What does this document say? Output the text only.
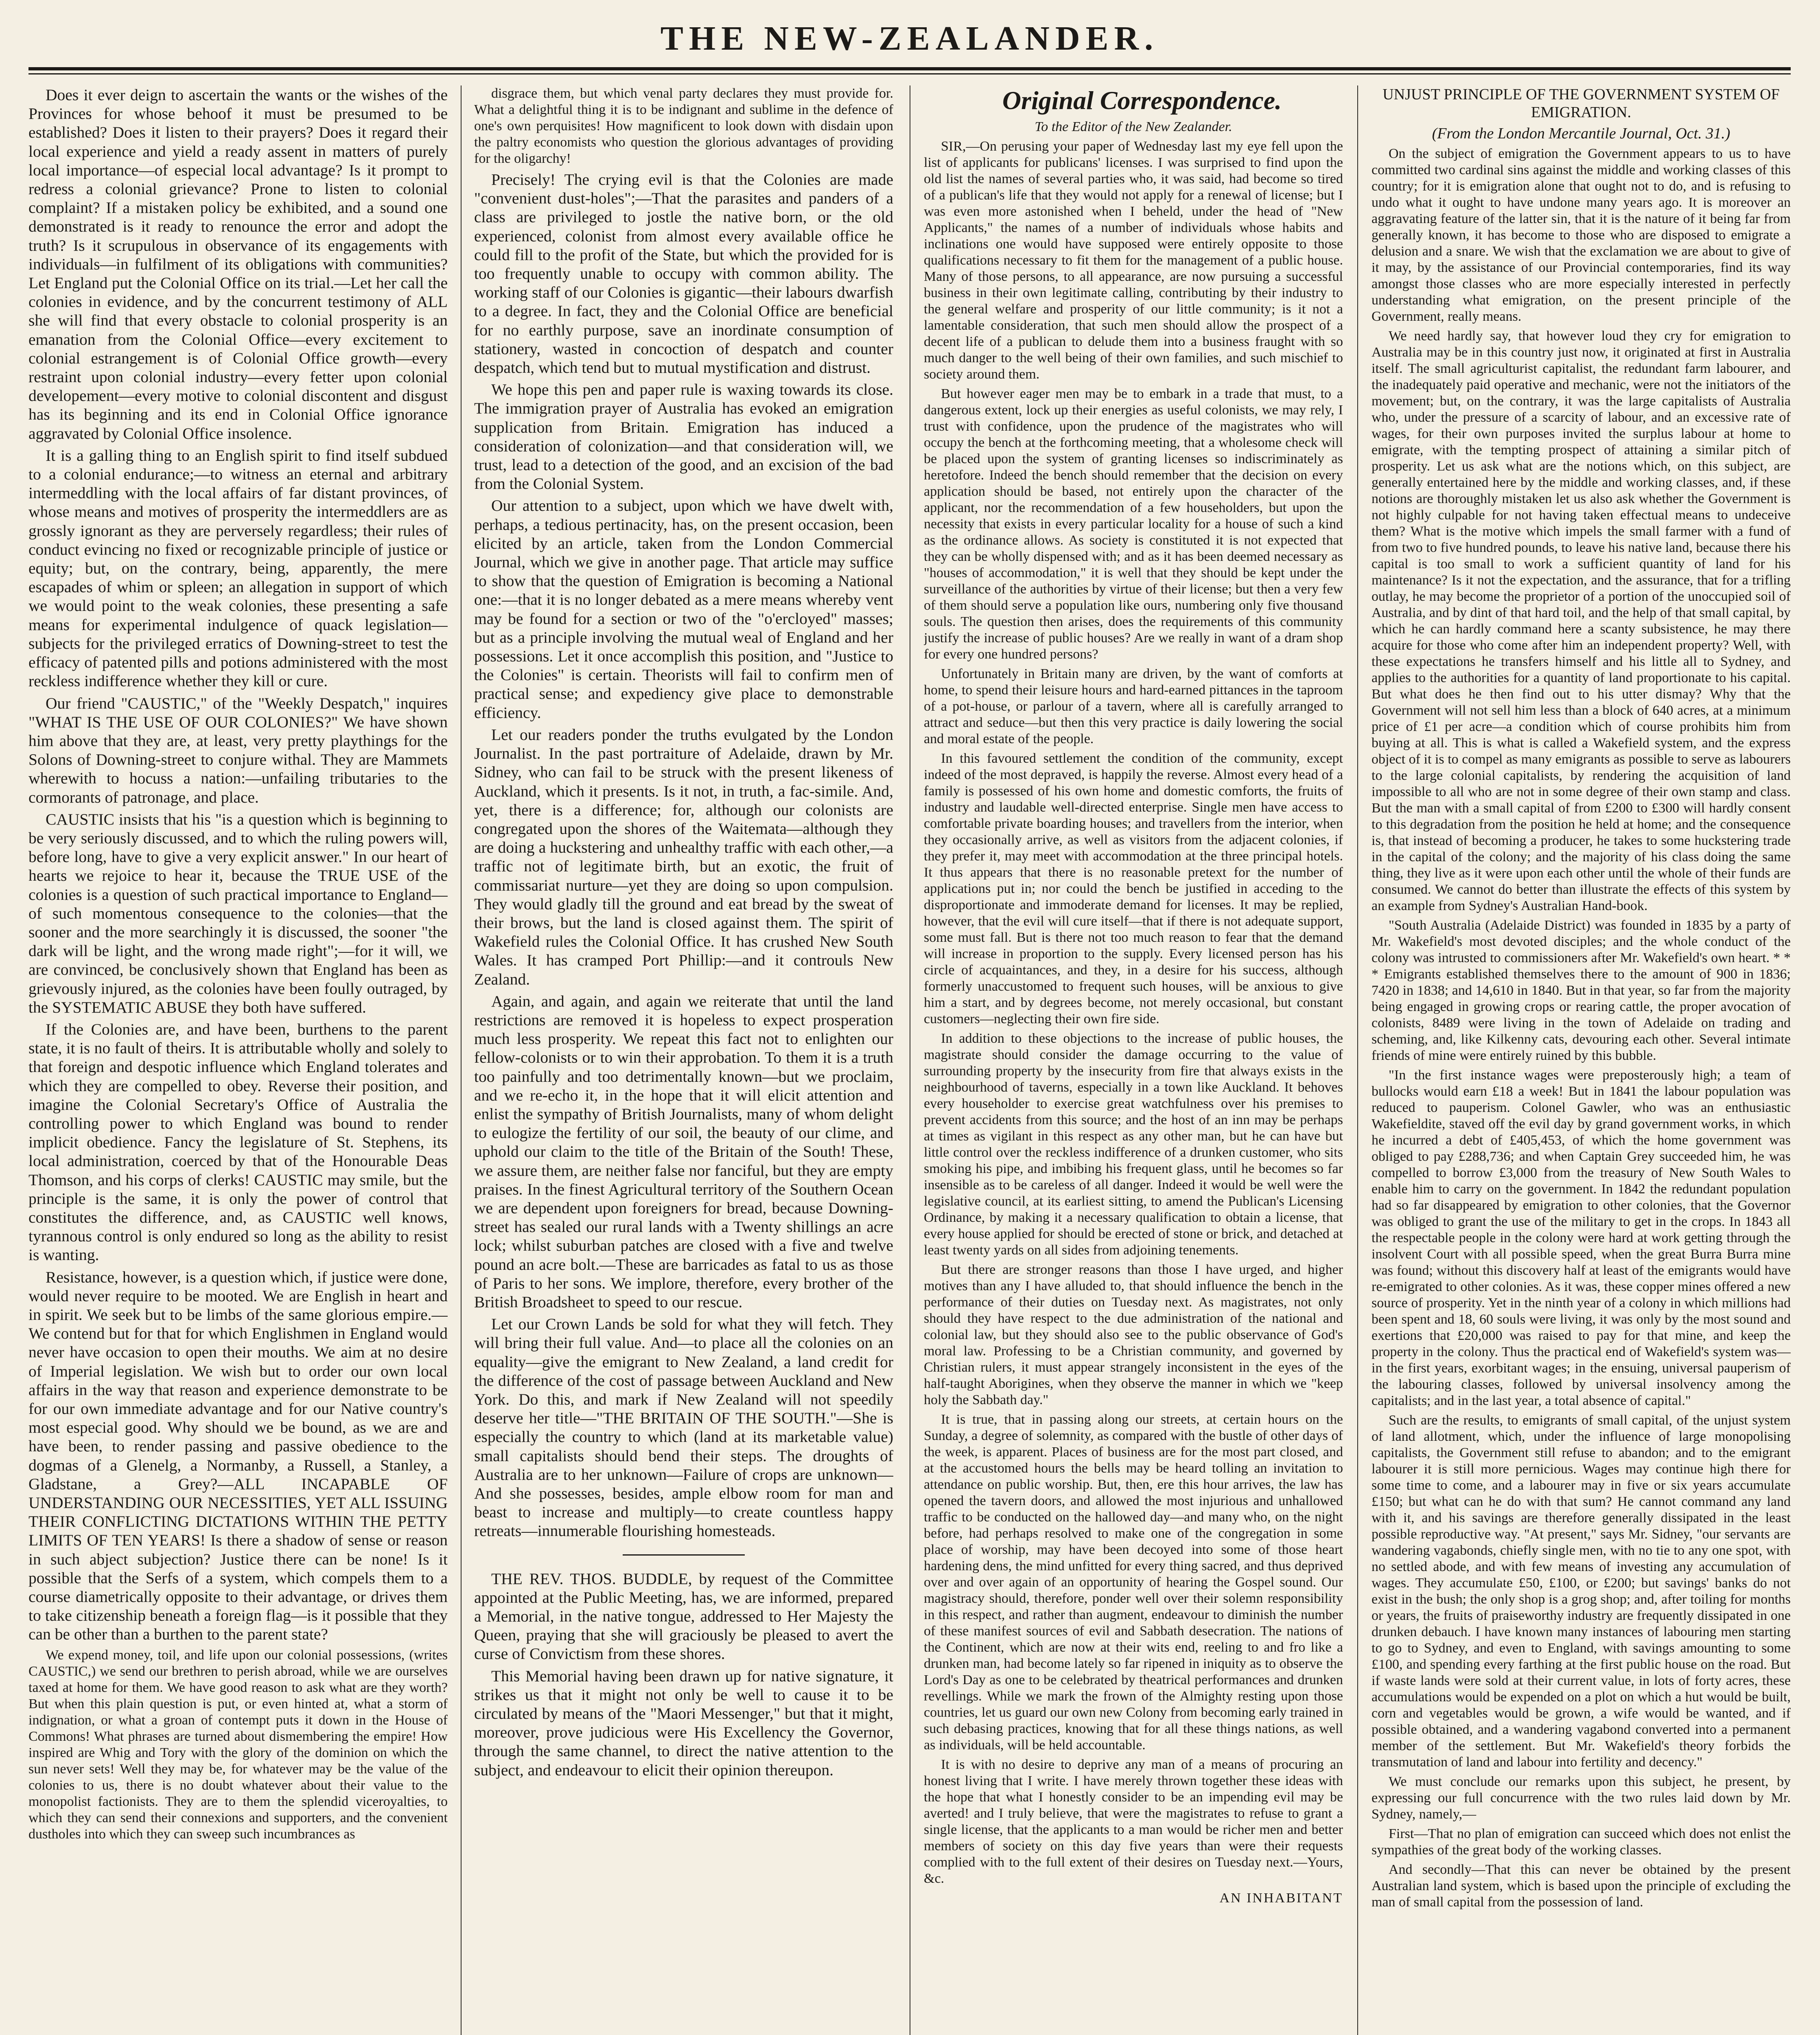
THE NEW-ZEALANDER.

Does it ever deign to ascertain the wants or the wishes of the Provinces for whose behoof it must be presumed to be established? Does it listen to their prayers? Does it regard their local experience and yield a ready assent in matters of purely local importance—of especial local advantage? Is it prompt to redress a colonial grievance? Prone to listen to colonial complaint? If a mistaken policy be exhibited, and a sound one demonstrated is it ready to renounce the error and adopt the truth? Is it scrupulous in observance of its engagements with individuals—in fulfilment of its obligations with communities? Let England put the Colonial Office on its trial.—Let her call the colonies in evidence, and by the concurrent testimony of ALL she will find that every obstacle to colonial prosperity is an emanation from the Colonial Office—every excitement to colonial estrangement is of Colonial Office growth—every restraint upon colonial industry—every fetter upon colonial developement—every motive to colonial discontent and disgust has its beginning and its end in Colonial Office ignorance aggravated by Colonial Office insolence.

It is a galling thing to an English spirit to find itself subdued to a colonial endurance;—to witness an eternal and arbitrary intermeddling with the local affairs of far distant provinces, of whose means and motives of prosperity the intermeddlers are as grossly ignorant as they are perversely regardless; their rules of conduct evincing no fixed or recognizable principle of justice or equity; but, on the contrary, being, apparently, the mere escapades of whim or spleen; an allegation in support of which we would point to the weak colonies, these presenting a safe means for experimental indulgence of quack legislation—subjects for the privileged erratics of Downing-street to test the efficacy of patented pills and potions administered with the most reckless indifference whether they kill or cure.

Our friend "CAUSTIC," of the "Weekly Despatch," inquires "WHAT IS THE USE OF OUR COLONIES?" We have shown him above that they are, at least, very pretty playthings for the Solons of Downing-street to conjure withal. They are Mammets wherewith to hocuss a nation:—unfailing tributaries to the cormorants of patronage, and place.

CAUSTIC insists that his "is a question which is beginning to be very seriously discussed, and to which the ruling powers will, before long, have to give a very explicit answer." In our heart of hearts we rejoice to hear it, because the TRUE USE of the colonies is a question of such practical importance to England—of such momentous consequence to the colonies—that the sooner and the more searchingly it is discussed, the sooner "the dark will be light, and the wrong made right";—for it will, we are convinced, be conclusively shown that England has been as grievously injured, as the colonies have been foully outraged, by the SYSTEMATIC ABUSE they both have suffered.

If the Colonies are, and have been, burthens to the parent state, it is no fault of theirs. It is attributable wholly and solely to that foreign and despotic influence which England tolerates and which they are compelled to obey. Reverse their position, and imagine the Colonial Secretary's Office of Australia the controlling power to which England was bound to render implicit obedience. Fancy the legislature of St. Stephens, its local administration, coerced by that of the Honourable Deas Thomson, and his corps of clerks! CAUSTIC may smile, but the principle is the same, it is only the power of control that constitutes the difference, and, as CAUSTIC well knows, tyrannous control is only endured so long as the ability to resist is wanting.

Resistance, however, is a question which, if justice were done, would never require to be mooted. We are English in heart and in spirit. We seek but to be limbs of the same glorious empire.—We contend but for that for which Englishmen in England would never have occasion to open their mouths. We aim at no desire of Imperial legislation. We wish but to order our own local affairs in the way that reason and experience demonstrate to be for our own immediate advantage and for our Native country's most especial good. Why should we be bound, as we are and have been, to render passing and passive obedience to the dogmas of a Glenelg, a Normanby, a Russell, a Stanley, a Gladstane, a Grey?—ALL INCAPABLE OF UNDERSTANDING OUR NECESSITIES, YET ALL ISSUING THEIR CONFLICTING DICTATIONS WITHIN THE PETTY LIMITS OF TEN YEARS! Is there a shadow of sense or reason in such abject subjection? Justice there can be none! Is it possible that the Serfs of a system, which compels them to a course diametrically opposite to their advantage, or drives them to take citizenship beneath a foreign flag—is it possible that they can be other than a burthen to the parent state?

We expend money, toil, and life upon our colonial possessions, (writes CAUSTIC,) we send our brethren to perish abroad, while we are ourselves taxed at home for them. We have good reason to ask what are they worth? But when this plain question is put, or even hinted at, what a storm of indignation, or what a groan of contempt puts it down in the House of Commons! What phrases are turned about dismembering the empire! How inspired are Whig and Tory with the glory of the dominion on which the sun never sets! Well they may be, for whatever may be the value of the colonies to us, there is no doubt whatever about their value to the monopolist factionists. They are to them the splendid viceroyalties, to which they can send their connexions and supporters, and the convenient dustholes into which they can sweep such incumbrances as

disgrace them, but which venal party declares they must provide for. What a delightful thing it is to be indignant and sublime in the defence of one's own perquisites! How magnificent to look down with disdain upon the paltry economists who question the glorious advantages of providing for the oligarchy!

Precisely! The crying evil is that the Colonies are made "convenient dust-holes";—That the parasites and panders of a class are privileged to jostle the native born, or the old experienced, colonist from almost every available office he could fill to the profit of the State, but which the provided for is too frequently unable to occupy with common ability. The working staff of our Colonies is gigantic—their labours dwarfish to a degree. In fact, they and the Colonial Office are beneficial for no earthly purpose, save an inordinate consumption of stationery, wasted in concoction of despatch and counter despatch, which tend but to mutual mystification and distrust.

We hope this pen and paper rule is waxing towards its close. The immigration prayer of Australia has evoked an emigration supplication from Britain. Emigration has induced a consideration of colonization—and that consideration will, we trust, lead to a detection of the good, and an excision of the bad from the Colonial System.

Our attention to a subject, upon which we have dwelt with, perhaps, a tedious pertinacity, has, on the present occasion, been elicited by an article, taken from the London Commercial Journal, which we give in another page. That article may suffice to show that the question of Emigration is becoming a National one:—that it is no longer debated as a mere means whereby vent may be found for a section or two of the "o'ercloyed" masses; but as a principle involving the mutual weal of England and her possessions. Let it once accomplish this position, and "Justice to the Colonies" is certain. Theorists will fail to confirm men of practical sense; and expediency give place to demonstrable efficiency.

Let our readers ponder the truths evulgated by the London Journalist. In the past portraiture of Adelaide, drawn by Mr. Sidney, who can fail to be struck with the present likeness of Auckland, which it presents. Is it not, in truth, a fac-simile. And, yet, there is a difference; for, although our colonists are congregated upon the shores of the Waitemata—although they are doing a huckstering and unhealthy traffic with each other,—a traffic not of legitimate birth, but an exotic, the fruit of commissariat nurture—yet they are doing so upon compulsion. They would gladly till the ground and eat bread by the sweat of their brows, but the land is closed against them. The spirit of Wakefield rules the Colonial Office. It has crushed New South Wales. It has cramped Port Phillip:—and it controuls New Zealand.

Again, and again, and again we reiterate that until the land restrictions are removed it is hopeless to expect prosperation much less prosperity. We repeat this fact not to enlighten our fellow-colonists or to win their approbation. To them it is a truth too painfully and too detrimentally known—but we proclaim, and we re-echo it, in the hope that it will elicit attention and enlist the sympathy of British Journalists, many of whom delight to eulogize the fertility of our soil, the beauty of our clime, and uphold our claim to the title of the Britain of the South! These, we assure them, are neither false nor fanciful, but they are empty praises. In the finest Agricultural territory of the Southern Ocean we are dependent upon foreigners for bread, because Downing-street has sealed our rural lands with a Twenty shillings an acre lock; whilst suburban patches are closed with a five and twelve pound an acre bolt.—These are barricades as fatal to us as those of Paris to her sons. We implore, therefore, every brother of the British Broadsheet to speed to our rescue.

Let our Crown Lands be sold for what they will fetch. They will bring their full value. And—to place all the colonies on an equality—give the emigrant to New Zealand, a land credit for the difference of the cost of passage between Auckland and New York. Do this, and mark if New Zealand will not speedily deserve her title—"THE BRITAIN OF THE SOUTH."—She is especially the country to which (land at its marketable value) small capitalists should bend their steps. The droughts of Australia are to her unknown—Failure of crops are unknown—And she possesses, besides, ample elbow room for man and beast to increase and multiply—to create countless happy retreats—innumerable flourishing homesteads.

THE REV. THOS. BUDDLE, by request of the Committee appointed at the Public Meeting, has, we are informed, prepared a Memorial, in the native tongue, addressed to Her Majesty the Queen, praying that she will graciously be pleased to avert the curse of Convictism from these shores.

This Memorial having been drawn up for native signature, it strikes us that it might not only be well to cause it to be circulated by means of the "Maori Messenger," but that it might, moreover, prove judicious were His Excellency the Governor, through the same channel, to direct the native attention to the subject, and endeavour to elicit their opinion thereupon.

Original Correspondence.

To the Editor of the New Zealander.

SIR,—On perusing your paper of Wednesday last my eye fell upon the list of applicants for publicans' licenses. I was surprised to find upon the old list the names of several parties who, it was said, had become so tired of a publican's life that they would not apply for a renewal of license; but I was even more astonished when I beheld, under the head of "New Applicants," the names of a number of individuals whose habits and inclinations one would have supposed were entirely opposite to those qualifications necessary to fit them for the management of a public house. Many of those persons, to all appearance, are now pursuing a successful business in their own legitimate calling, contributing by their industry to the general welfare and prosperity of our little community; is it not a lamentable consideration, that such men should allow the prospect of a decent life of a publican to delude them into a business fraught with so much danger to the well being of their own families, and such mischief to society around them.

But however eager men may be to embark in a trade that must, to a dangerous extent, lock up their energies as useful colonists, we may rely, I trust with confidence, upon the prudence of the magistrates who will occupy the bench at the forthcoming meeting, that a wholesome check will be placed upon the system of granting licenses so indiscriminately as heretofore. Indeed the bench should remember that the decision on every application should be based, not entirely upon the character of the applicant, nor the recommendation of a few householders, but upon the necessity that exists in every particular locality for a house of such a kind as the ordinance allows. As society is constituted it is not expected that they can be wholly dispensed with; and as it has been deemed necessary as "houses of accommodation," it is well that they should be kept under the surveillance of the authorities by virtue of their license; but then a very few of them should serve a population like ours, numbering only five thousand souls. The question then arises, does the requirements of this community justify the increase of public houses? Are we really in want of a dram shop for every one hundred persons?

Unfortunately in Britain many are driven, by the want of comforts at home, to spend their leisure hours and hard-earned pittances in the taproom of a pot-house, or parlour of a tavern, where all is carefully arranged to attract and seduce—but then this very practice is daily lowering the social and moral estate of the people.

In this favoured settlement the condition of the community, except indeed of the most depraved, is happily the reverse. Almost every head of a family is possessed of his own home and domestic comforts, the fruits of industry and laudable well-directed enterprise. Single men have access to comfortable private boarding houses; and travellers from the interior, when they occasionally arrive, as well as visitors from the adjacent colonies, if they prefer it, may meet with accommodation at the three principal hotels. It thus appears that there is no reasonable pretext for the number of applications put in; nor could the bench be justified in acceding to the disproportionate and immoderate demand for licenses. It may be replied, however, that the evil will cure itself—that if there is not adequate support, some must fall. But is there not too much reason to fear that the demand will increase in proportion to the supply. Every licensed person has his circle of acquaintances, and they, in a desire for his success, although formerly unaccustomed to frequent such houses, will be anxious to give him a start, and by degrees become, not merely occasional, but constant customers—neglecting their own fire side.

In addition to these objections to the increase of public houses, the magistrate should consider the damage occurring to the value of surrounding property by the insecurity from fire that always exists in the neighbourhood of taverns, especially in a town like Auckland. It behoves every householder to exercise great watchfulness over his premises to prevent accidents from this source; and the host of an inn may be perhaps at times as vigilant in this respect as any other man, but he can have but little control over the reckless indifference of a drunken customer, who sits smoking his pipe, and imbibing his frequent glass, until he becomes so far insensible as to be careless of all danger. Indeed it would be well were the legislative council, at its earliest sitting, to amend the Publican's Licensing Ordinance, by making it a necessary qualification to obtain a license, that every house applied for should be erected of stone or brick, and detached at least twenty yards on all sides from adjoining tenements.

But there are stronger reasons than those I have urged, and higher motives than any I have alluded to, that should influence the bench in the performance of their duties on Tuesday next. As magistrates, not only should they have respect to the due administration of the national and colonial law, but they should also see to the public observance of God's moral law. Professing to be a Christian community, and governed by Christian rulers, it must appear strangely inconsistent in the eyes of the half-taught Aborigines, when they observe the manner in which we "keep holy the Sabbath day."

It is true, that in passing along our streets, at certain hours on the Sunday, a degree of solemnity, as compared with the bustle of other days of the week, is apparent. Places of business are for the most part closed, and at the accustomed hours the bells may be heard tolling an invitation to attendance on public worship. But, then, ere this hour arrives, the law has opened the tavern doors, and allowed the most injurious and unhallowed traffic to be conducted on the hallowed day—and many who, on the night before, had perhaps resolved to make one of the congregation in some place of worship, may have been decoyed into some of those heart hardening dens, the mind unfitted for every thing sacred, and thus deprived over and over again of an opportunity of hearing the Gospel sound. Our magistracy should, therefore, ponder well over their solemn responsibility in this respect, and rather than augment, endeavour to diminish the number of these manifest sources of evil and Sabbath desecration. The nations of the Continent, which are now at their wits end, reeling to and fro like a drunken man, had become lately so far ripened in iniquity as to observe the Lord's Day as one to be celebrated by theatrical performances and drunken revellings. While we mark the frown of the Almighty resting upon those countries, let us guard our own new Colony from becoming early trained in such debasing practices, knowing that for all these things nations, as well as individuals, will be held accountable.

It is with no desire to deprive any man of a means of procuring an honest living that I write. I have merely thrown together these ideas with the hope that what I honestly consider to be an impending evil may be averted! and I truly believe, that were the magistrates to refuse to grant a single license, that the applicants to a man would be richer men and better members of society on this day five years than were their requests complied with to the full extent of their desires on Tuesday next.—Yours, &c.

AN INHABITANT

UNJUST PRINCIPLE OF THE GOVERNMENT SYSTEM OF EMIGRATION.

(From the London Mercantile Journal, Oct. 31.)

On the subject of emigration the Government appears to us to have committed two cardinal sins against the middle and working classes of this country; for it is emigration alone that ought not to do, and is refusing to undo what it ought to have undone many years ago. It is moreover an aggravating feature of the latter sin, that it is the nature of it being far from generally known, it has become to those who are disposed to emigrate a delusion and a snare. We wish that the exclamation we are about to give of it may, by the assistance of our Provincial contemporaries, find its way amongst those classes who are more especially interested in perfectly understanding what emigration, on the present principle of the Government, really means.

We need hardly say, that however loud they cry for emigration to Australia may be in this country just now, it originated at first in Australia itself. The small agriculturist capitalist, the redundant farm labourer, and the inadequately paid operative and mechanic, were not the initiators of the movement; but, on the contrary, it was the large capitalists of Australia who, under the pressure of a scarcity of labour, and an excessive rate of wages, for their own purposes invited the surplus labour at home to emigrate, with the tempting prospect of attaining a similar pitch of prosperity. Let us ask what are the notions which, on this subject, are generally entertained here by the middle and working classes, and, if these notions are thoroughly mistaken let us also ask whether the Government is not highly culpable for not having taken effectual means to undeceive them? What is the motive which impels the small farmer with a fund of from two to five hundred pounds, to leave his native land, because there his capital is too small to work a sufficient quantity of land for his maintenance? Is it not the expectation, and the assurance, that for a trifling outlay, he may become the proprietor of a portion of the unoccupied soil of Australia, and by dint of that hard toil, and the help of that small capital, by which he can hardly command here a scanty subsistence, he may there acquire for those who come after him an independent property? Well, with these expectations he transfers himself and his little all to Sydney, and applies to the authorities for a quantity of land proportionate to his capital. But what does he then find out to his utter dismay? Why that the Government will not sell him less than a block of 640 acres, at a minimum price of £1 per acre—a condition which of course prohibits him from buying at all. This is what is called a Wakefield system, and the express object of it is to compel as many emigrants as possible to serve as labourers to the large colonial capitalists, by rendering the acquisition of land impossible to all who are not in some degree of their own stamp and class. But the man with a small capital of from £200 to £300 will hardly consent to this degradation from the position he held at home; and the consequence is, that instead of becoming a producer, he takes to some huckstering trade in the capital of the colony; and the majority of his class doing the same thing, they live as it were upon each other until the whole of their funds are consumed. We cannot do better than illustrate the effects of this system by an example from Sydney's Australian Hand-book.

"South Australia (Adelaide District) was founded in 1835 by a party of Mr. Wakefield's most devoted disciples; and the whole conduct of the colony was intrusted to commissioners after Mr. Wakefield's own heart. * * * Emigrants established themselves there to the amount of 900 in 1836; 7420 in 1838; and 14,610 in 1840. But in that year, so far from the majority being engaged in growing crops or rearing cattle, the proper avocation of colonists, 8489 were living in the town of Adelaide on trading and scheming, and, like Kilkenny cats, devouring each other. Several intimate friends of mine were entirely ruined by this bubble.

"In the first instance wages were preposterously high; a team of bullocks would earn £18 a week! But in 1841 the labour population was reduced to pauperism. Colonel Gawler, who was an enthusiastic Wakefieldite, staved off the evil day by grand government works, in which he incurred a debt of £405,453, of which the home government was obliged to pay £288,736; and when Captain Grey succeeded him, he was compelled to borrow £3,000 from the treasury of New South Wales to enable him to carry on the government. In 1842 the redundant population had so far disappeared by emigration to other colonies, that the Governor was obliged to grant the use of the military to get in the crops. In 1843 all the respectable people in the colony were hard at work getting through the insolvent Court with all possible speed, when the great Burra Burra mine was found; without this discovery half at least of the emigrants would have re-emigrated to other colonies. As it was, these copper mines offered a new source of prosperity. Yet in the ninth year of a colony in which millions had been spent and 18, 60 souls were living, it was only by the most sound and exertions that £20,000 was raised to pay for that mine, and keep the property in the colony. Thus the practical end of Wakefield's system was—in the first years, exorbitant wages; in the ensuing, universal pauperism of the labouring classes, followed by universal insolvency among the capitalists; and in the last year, a total absence of capital."

Such are the results, to emigrants of small capital, of the unjust system of land allotment, which, under the influence of large monopolising capitalists, the Government still refuse to abandon; and to the emigrant labourer it is still more pernicious. Wages may continue high there for some time to come, and a labourer may in five or six years accumulate £150; but what can he do with that sum? He cannot command any land with it, and his savings are therefore generally dissipated in the least possible reproductive way. "At present," says Mr. Sidney, "our servants are wandering vagabonds, chiefly single men, with no tie to any one spot, with no settled abode, and with few means of investing any accumulation of wages. They accumulate £50, £100, or £200; but savings' banks do not exist in the bush; the only shop is a grog shop; and, after toiling for months or years, the fruits of praiseworthy industry are frequently dissipated in one drunken debauch. I have known many instances of labouring men starting to go to Sydney, and even to England, with savings amounting to some £100, and spending every farthing at the first public house on the road. But if waste lands were sold at their current value, in lots of forty acres, these accumulations would be expended on a plot on which a hut would be built, corn and vegetables would be grown, a wife would be wanted, and if possible obtained, and a wandering vagabond converted into a permanent member of the settlement. But Mr. Wakefield's theory forbids the transmutation of land and labour into fertility and decency."

We must conclude our remarks upon this subject, he present, by expressing our full concurrence with the two rules laid down by Mr. Sydney, namely,—

First—That no plan of emigration can succeed which does not enlist the sympathies of the great body of the working classes.

And secondly—That this can never be obtained by the present Australian land system, which is based upon the principle of excluding the man of small capital from the possession of land.
